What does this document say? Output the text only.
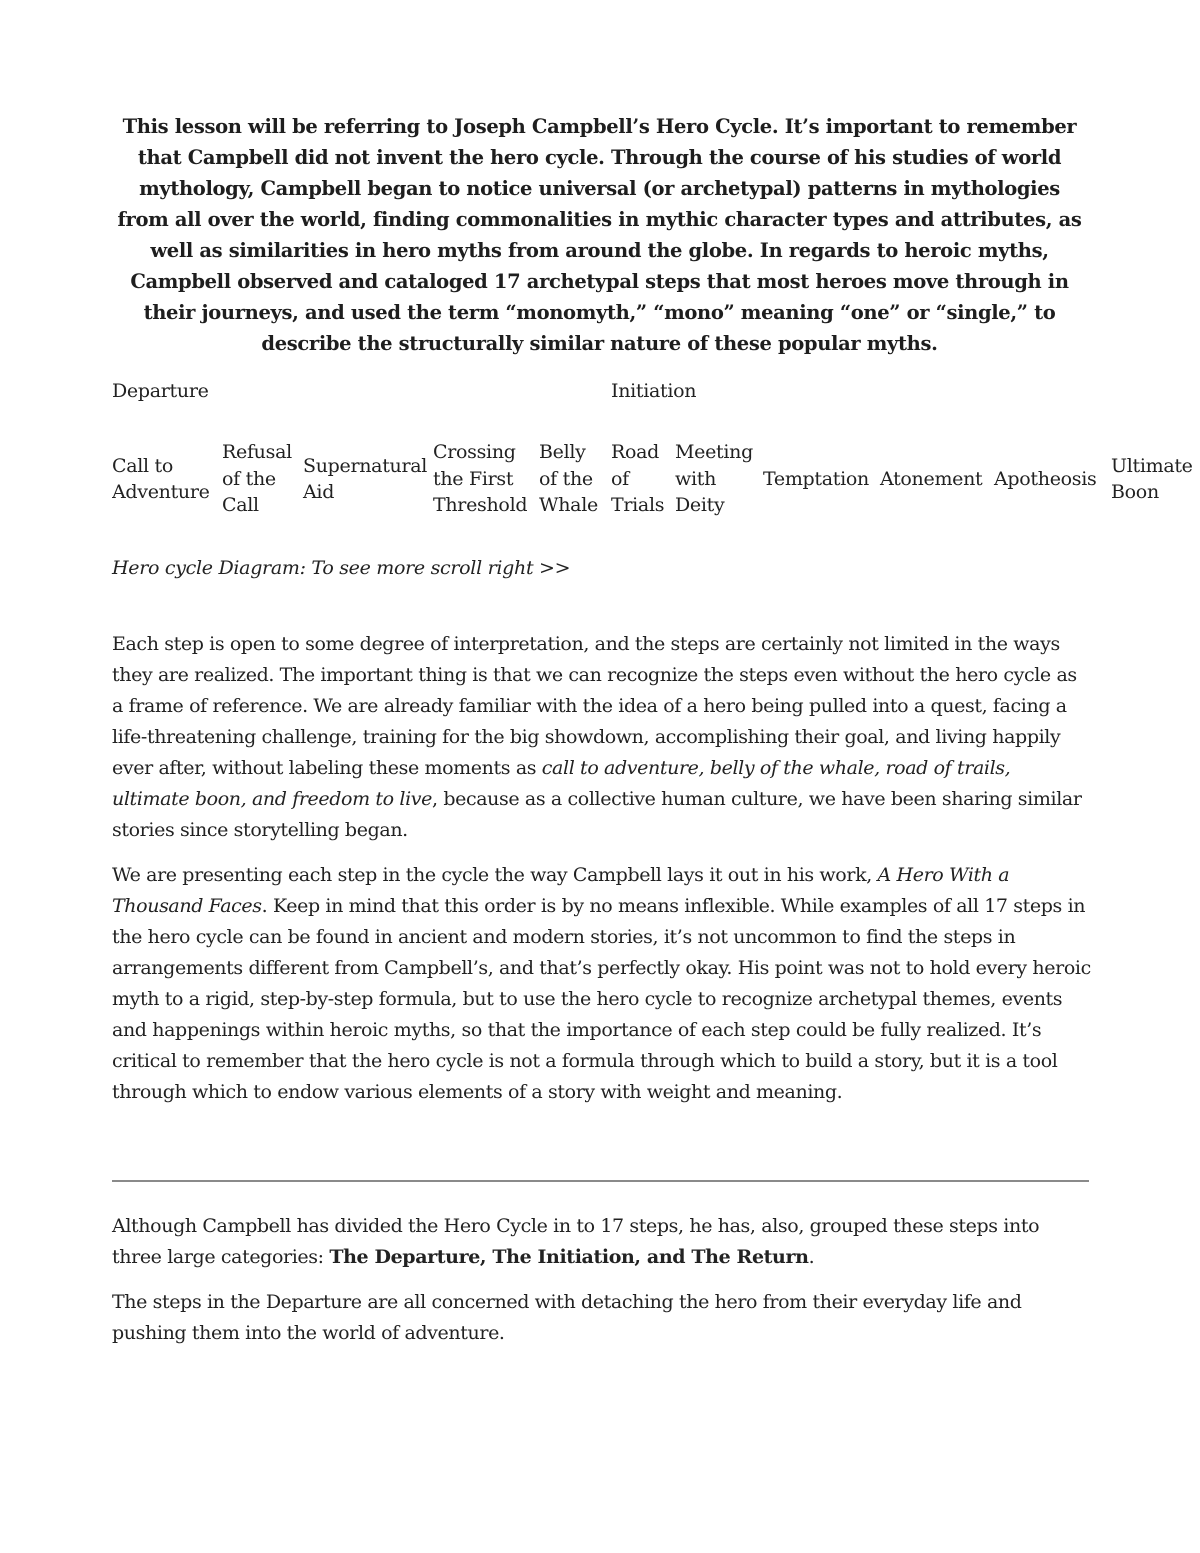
This lesson will be referring to Joseph Campbell’s Hero Cycle. It’s important to remember that Campbell did not invent the hero cycle. Through the course of his studies of world mythology, Campbell began to notice universal (or archetypal) patterns in mythologies from all over the world, finding commonalities in mythic character types and attributes, as well as similarities in hero myths from around the globe. In regards to heroic myths, Campbell observed and cataloged 17 archetypal steps that most heroes move through in their journeys, and used the term “monomyth,” “mono” meaning “one” or “single,” to describe the structurally similar nature of these popular myths.

Departure	Initiation
Call to
Adventure
Refusal
of the
Call
Supernatural
Aid
Crossing
the First
Threshold
Belly
of the
Whale
Road
of
Trials
Meeting
with
Deity
Temptation Atonement Apotheosis
Ultimate
Boon

Hero cycle Diagram: To see more scroll right >>

Each step is open to some degree of interpretation, and the steps are certainly not limited in the ways they are realized. The important thing is that we can recognize the steps even without the hero cycle as a frame of reference. We are already familiar with the idea of a hero being pulled into a quest, facing a life-threatening challenge, training for the big showdown, accomplishing their goal, and living happily ever after, without labeling these moments as call to adventure, belly of the whale, road of trails, ultimate boon, and freedom to live, because as a collective human culture, we have been sharing similar stories since storytelling began.

We are presenting each step in the cycle the way Campbell lays it out in his work, A Hero With a Thousand Faces. Keep in mind that this order is by no means inflexible. While examples of all 17 steps in the hero cycle can be found in ancient and modern stories, it’s not uncommon to find the steps in arrangements different from Campbell’s, and that’s perfectly okay. His point was not to hold every heroic myth to a rigid, step-by-step formula, but to use the hero cycle to recognize archetypal themes, events and happenings within heroic myths, so that the importance of each step could be fully realized. It’s critical to remember that the hero cycle is not a formula through which to build a story, but it is a tool through which to endow various elements of a story with weight and meaning.

Although Campbell has divided the Hero Cycle in to 17 steps, he has, also, grouped these steps into three large categories: The Departure, The Initiation, and The Return.

The steps in the Departure are all concerned with detaching the hero from their everyday life and pushing them into the world of adventure.
